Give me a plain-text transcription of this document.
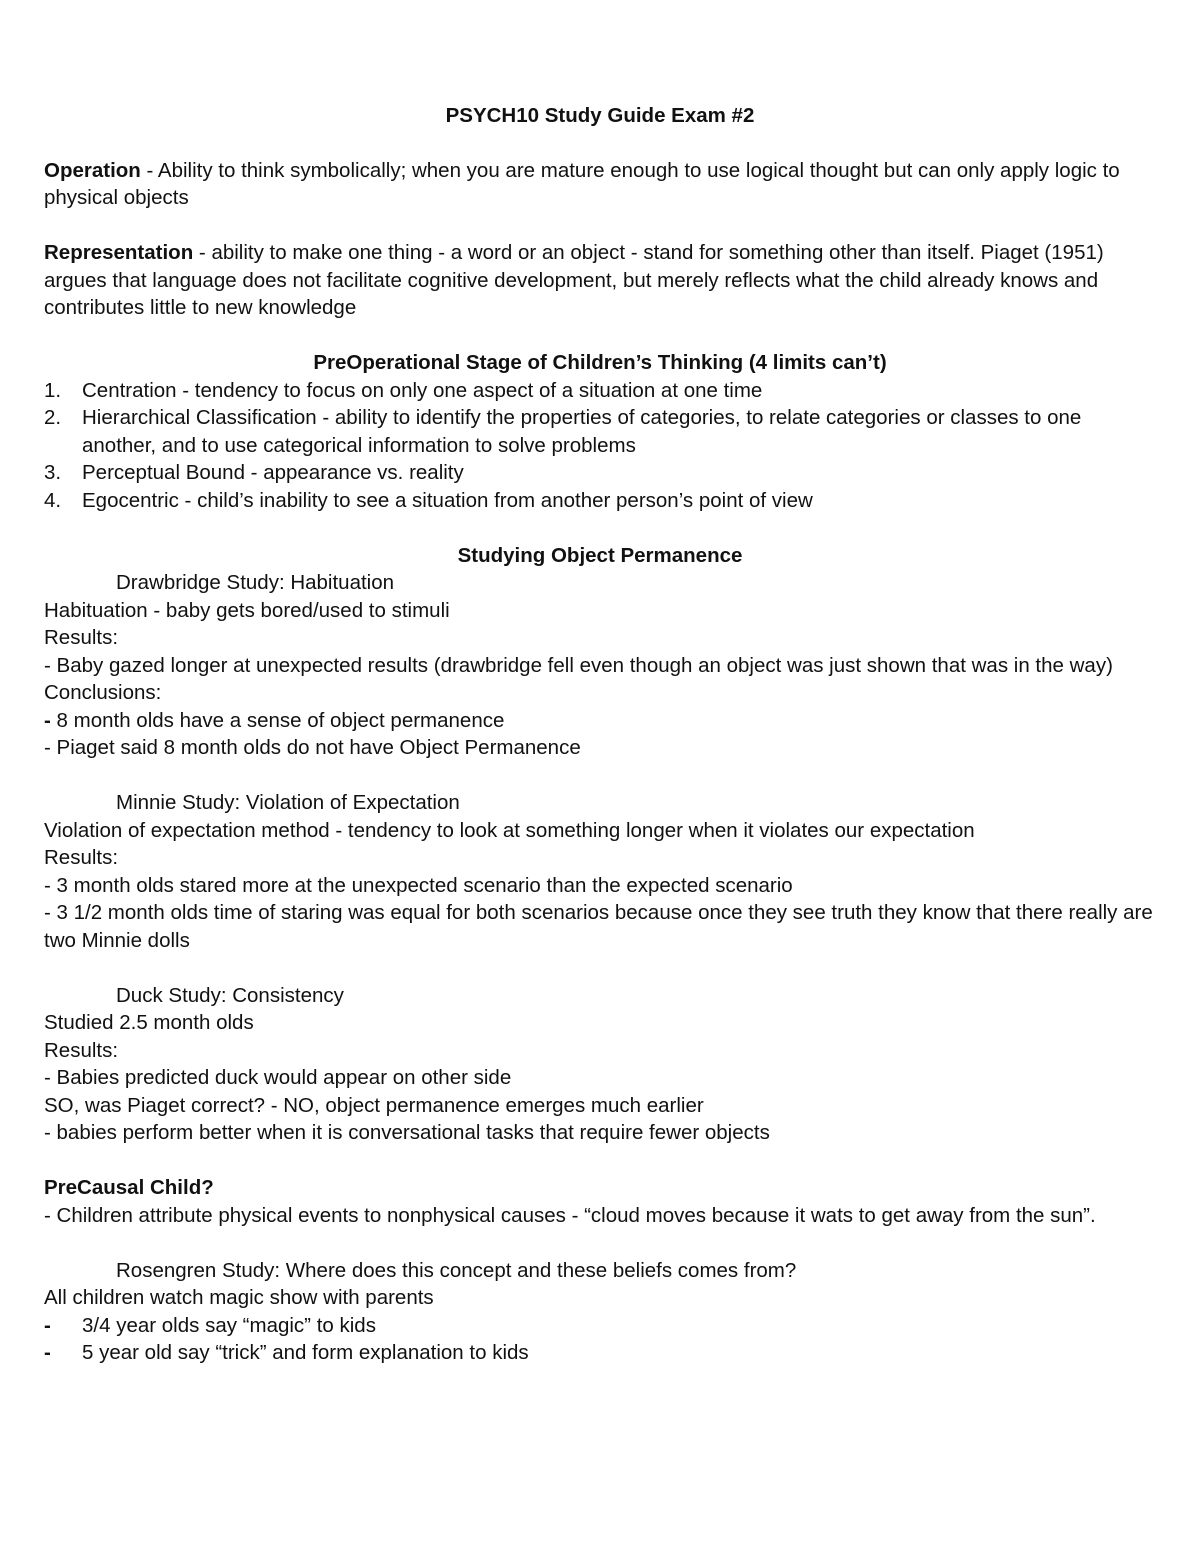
PSYCH10 Study Guide Exam #2

Operation - Ability to think symbolically; when you are mature enough to use logical thought but can only apply logic to physical objects

Representation - ability to make one thing - a word or an object - stand for something other than itself. Piaget (1951) argues that language does not facilitate cognitive development, but merely reflects what the child already knows and contributes little to new knowledge

PreOperational Stage of Children’s Thinking (4 limits can’t)
1. Centration - tendency to focus on only one aspect of a situation at one time
2. Hierarchical Classification - ability to identify the properties of categories, to relate categories or classes to one another, and to use categorical information to solve problems
3. Perceptual Bound - appearance vs. reality
4. Egocentric - child’s inability to see a situation from another person’s point of view
Studying Object Permanence

Drawbridge Study: Habituation

Habituation - baby gets bored/used to stimuli

Results:

- Baby gazed longer at unexpected results (drawbridge fell even though an object was just shown that was in the way)

Conclusions:

- 8 month olds have a sense of object permanence

- Piaget said 8 month olds do not have Object Permanence

Minnie Study: Violation of Expectation

Violation of expectation method - tendency to look at something longer when it violates our expectation

Results:

- 3 month olds stared more at the unexpected scenario than the expected scenario

- 3 1/2 month olds time of staring was equal for both scenarios because once they see truth they know that there really are two Minnie dolls

Duck Study: Consistency

Studied 2.5 month olds

Results:

- Babies predicted duck would appear on other side

SO, was Piaget correct? - NO, object permanence emerges much earlier

- babies perform better when it is conversational tasks that require fewer objects

PreCausal Child?

- Children attribute physical events to nonphysical causes - “cloud moves because it wats to get away from the sun”.

Rosengren Study: Where does this concept and these beliefs comes from?

All children watch magic show with parents

- 3/4 year olds say “magic” to kids
- 5 year old say “trick” and form explanation to kids
